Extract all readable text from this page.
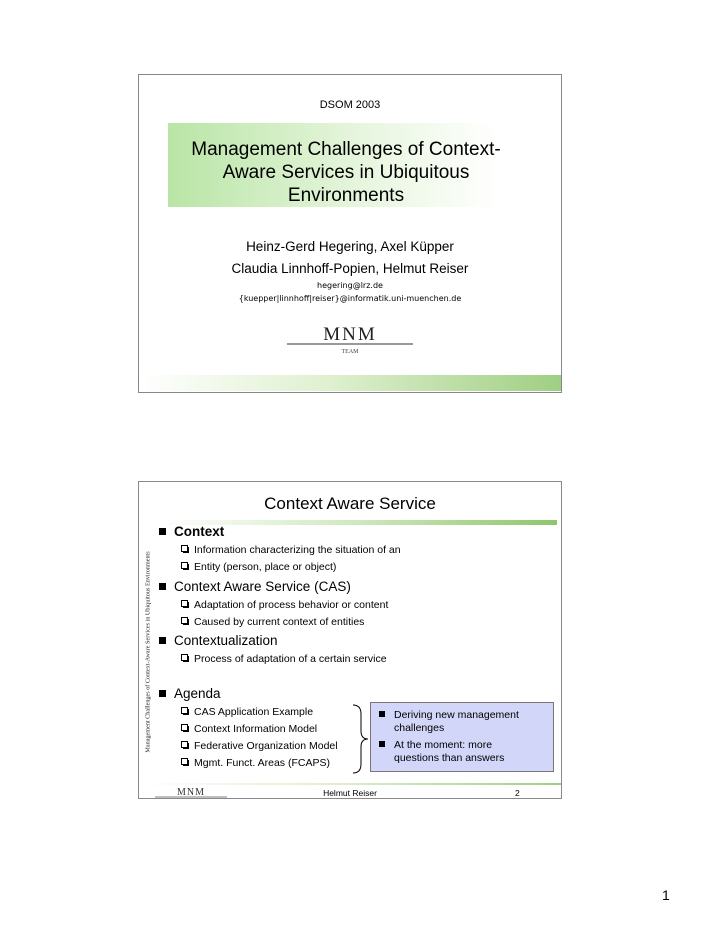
DSOM 2003
Management Challenges of Context-
Aware Services in Ubiquitous
Environments
Heinz-Gerd Hegering, Axel Küpper
Claudia Linnhoff-Popien, Helmut Reiser
hegering@lrz.de
{kuepper|linnhoff|reiser}@informatik.uni-muenchen.de
MNM
TEAM
Context Aware Service
Management Challenges of Context-Aware Services in Ubiquitous Environments
Context
Information characterizing the situation of an
Entity (person, place or object)
Context Aware Service (CAS)
Adaptation of process behavior or content
Caused by current context of entities
Contextualization
Process of adaptation of a certain service
Agenda
CAS Application Example
Context Information Model
Federative Organization Model
Mgmt. Funct. Areas (FCAPS)
Deriving new management
challenges
At the moment: more
questions than answers
MNM	Helmut Reiser	2
1
